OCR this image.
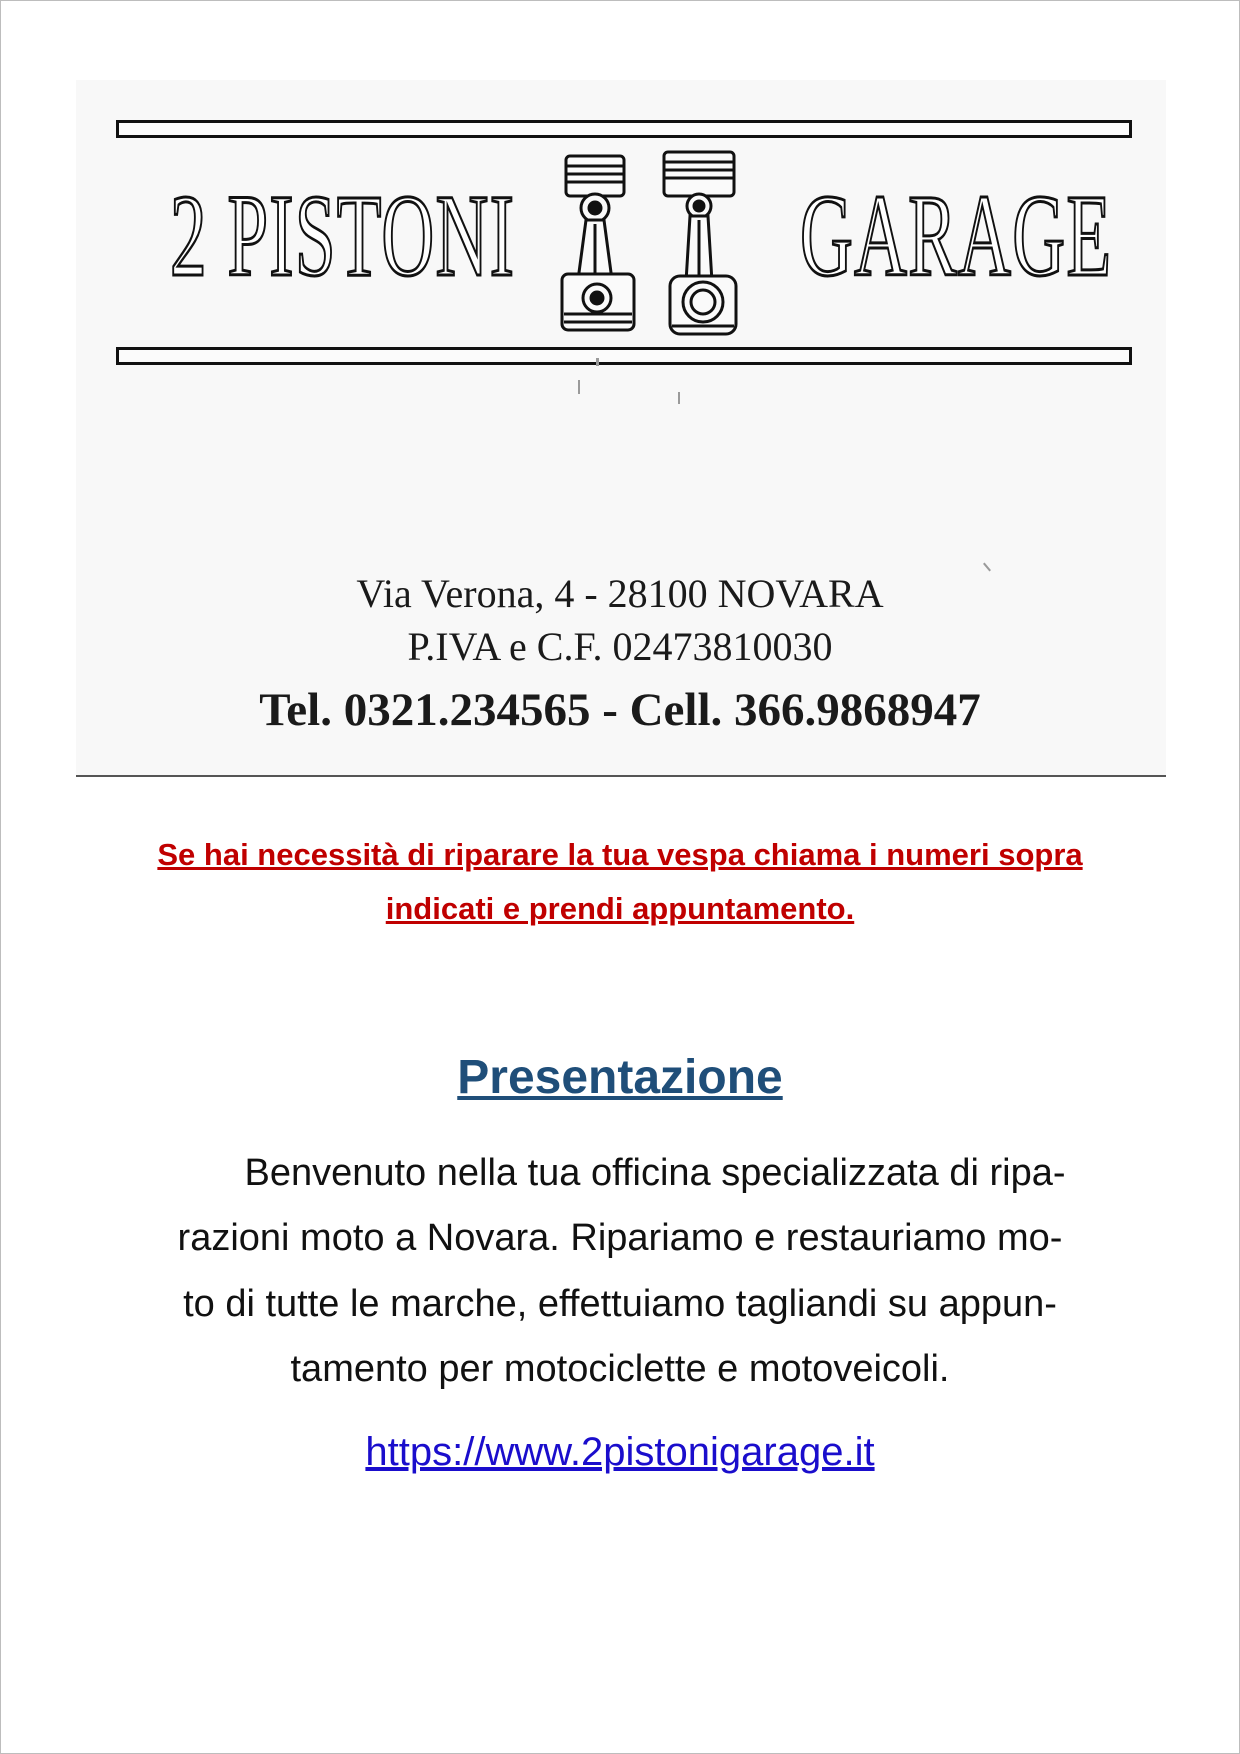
2 PISTONI GARAGE

Via Verona, 4 - 28100 NOVARA

P.IVA e C.F. 02473810030

Tel. 0321.234565 - Cell. 366.9868947

Se hai necessità di riparare la tua vespa chiama i numeri sopra

indicati e prendi appuntamento.

Presentazione

Benvenuto nella tua officina specializzata di ripa-

razioni moto a Novara. Ripariamo e restauriamo mo-

to di tutte le marche, effettuiamo tagliandi su appun-

tamento per motociclette e motoveicoli.

https://www.2pistonigarage.it
